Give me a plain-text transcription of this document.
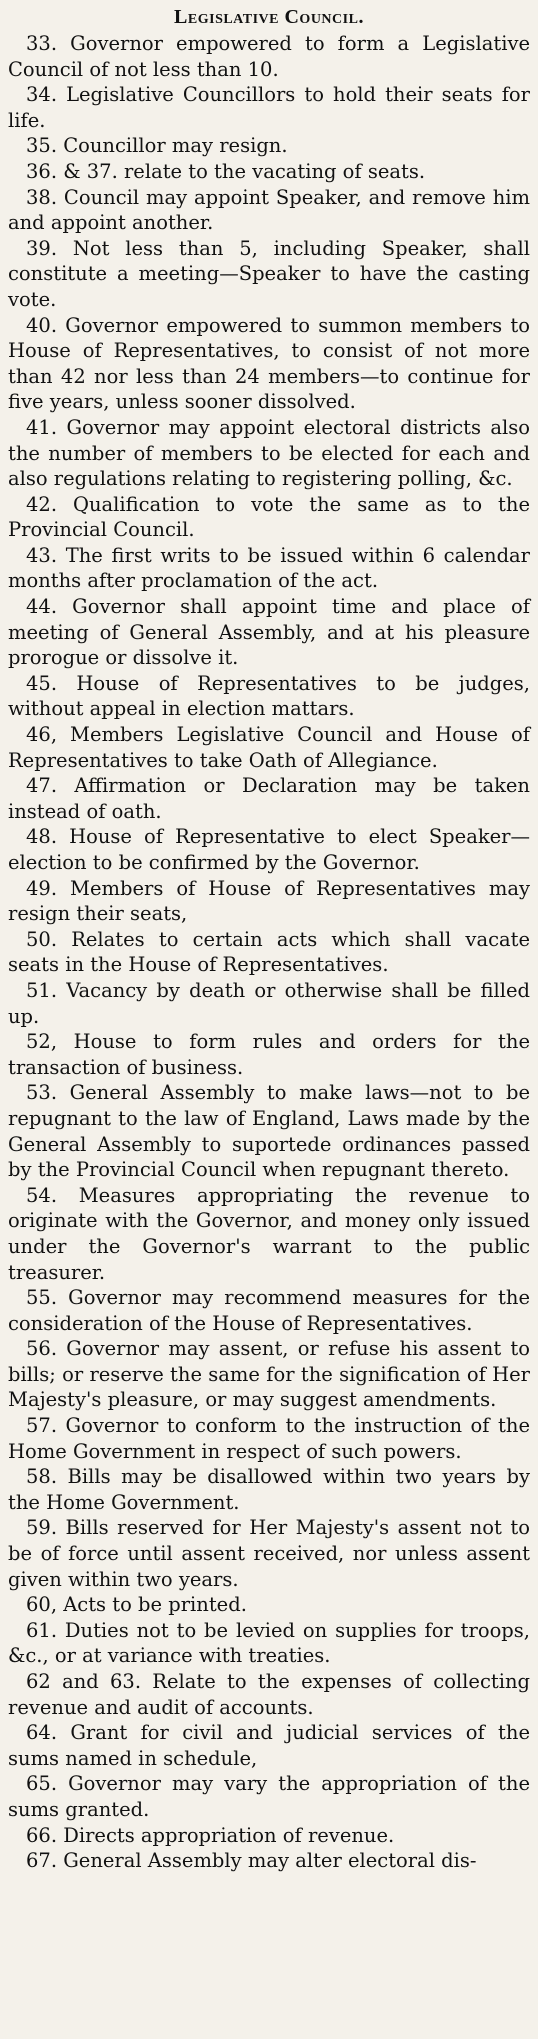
Legislative Council.

33. Governor empowered to form a Legislative Council of not less than 10.

34. Legislative Councillors to hold their seats for life.

35. Councillor may resign.

36. & 37. relate to the vacating of seats.

38. Council may appoint Speaker, and remove him and appoint another.

39. Not less than 5, including Speaker, shall constitute a meeting—Speaker to have the casting vote.

40. Governor empowered to summon members to House of Representatives, to consist of not more than 42 nor less than 24 members—to continue for five years, unless sooner dissolved.

41. Governor may appoint electoral districts also the number of members to be elected for each and also regulations relating to registering polling, &c.

42. Qualification to vote the same as to the Provincial Council.

43. The first writs to be issued within 6 calendar months after proclamation of the act.

44. Governor shall appoint time and place of meeting of General Assembly, and at his pleasure prorogue or dissolve it.

45. House of Representatives to be judges, without appeal in election mattars.

46, Members Legislative Council and House of Representatives to take Oath of Allegiance.

47. Affirmation or Declaration may be taken instead of oath.

48. House of Representative to elect Speaker—election to be confirmed by the Governor.

49. Members of House of Representatives may resign their seats,

50. Relates to certain acts which shall vacate seats in the House of Representatives.

51. Vacancy by death or otherwise shall be filled up.

52, House to form rules and orders for the transaction of business.

53. General Assembly to make laws—not to be repugnant to the law of England, Laws made by the General Assembly to suportede ordinances passed by the Provincial Council when repugnant thereto.

54. Measures appropriating the revenue to originate with the Governor, and money only issued under the Governor's warrant to the public treasurer.

55. Governor may recommend measures for the consideration of the House of Representatives.

56. Governor may assent, or refuse his assent to bills; or reserve the same for the signification of Her Majesty's pleasure, or may suggest amendments.

57. Governor to conform to the instruction of the Home Government in respect of such powers.

58. Bills may be disallowed within two years by the Home Government.

59. Bills reserved for Her Majesty's assent not to be of force until assent received, nor unless assent given within two years.

60, Acts to be printed.

61. Duties not to be levied on supplies for troops, &c., or at variance with treaties.

62 and 63. Relate to the expenses of collecting revenue and audit of accounts.

64. Grant for civil and judicial services of the sums named in schedule,

65. Governor may vary the appropriation of the sums granted.

66. Directs appropriation of revenue.

67. General Assembly may alter electoral dis-
